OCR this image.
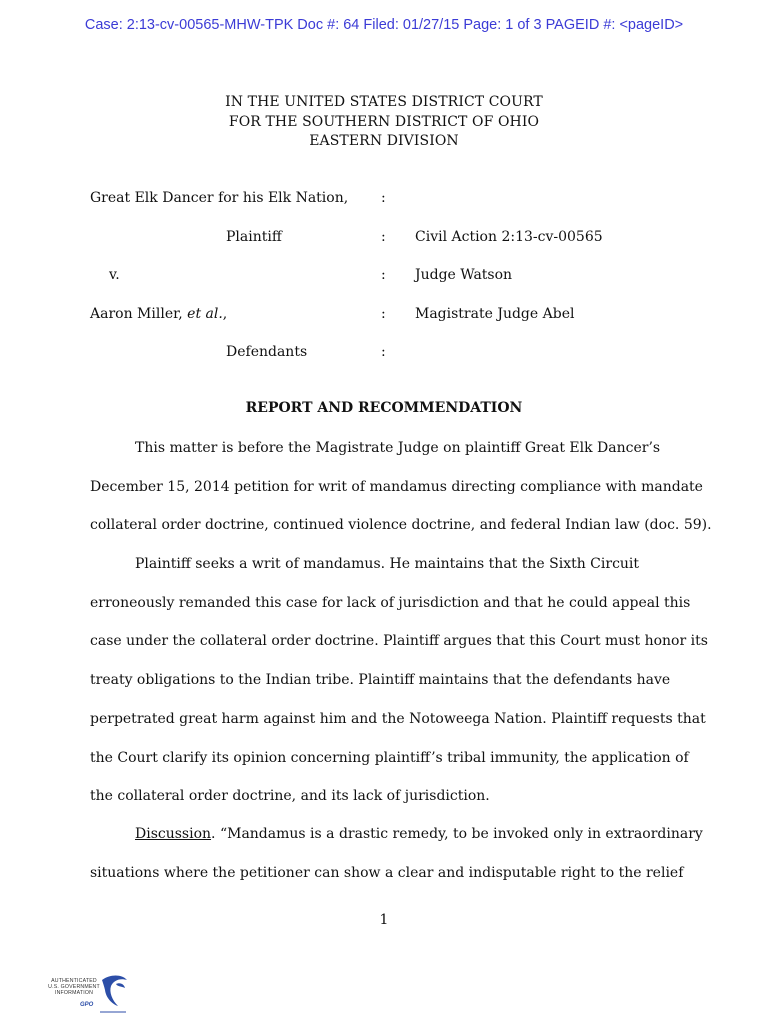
Case: 2:13-cv-00565-MHW-TPK Doc #: 64 Filed: 01/27/15 Page: 1 of 3 PAGEID #: <pageID>
IN THE UNITED STATES DISTRICT COURT
FOR THE SOUTHERN DISTRICT OF OHIO
EASTERN DIVISION
Great Elk Dancer for his Elk Nation, :
Plaintiff	: Civil Action 2:13-cv-00565
v.	: Judge Watson
Aaron Miller, et al.,	: Magistrate Judge Abel
Defendants	:
REPORT AND RECOMMENDATION
This matter is before the Magistrate Judge on plaintiff Great Elk Dancer’s
December 15, 2014 petition for writ of mandamus directing compliance with mandate
collateral order doctrine, continued violence doctrine, and federal Indian law (doc. 59).
Plaintiff seeks a writ of mandamus. He maintains that the Sixth Circuit
erroneously remanded this case for lack of jurisdiction and that he could appeal this
case under the collateral order doctrine. Plaintiff argues that this Court must honor its
treaty obligations to the Indian tribe. Plaintiff maintains that the defendants have
perpetrated great harm against him and the Notoweega Nation. Plaintiff requests that
the Court clarify its opinion concerning plaintiff’s tribal immunity, the application of
the collateral order doctrine, and its lack of jurisdiction.
Discussion. “Mandamus is a drastic remedy, to be invoked only in extraordinary
situations where the petitioner can show a clear and indisputable right to the relief
1
AUTHENTICATED
U.S. GOVERNMENT
INFORMATION
GPO
